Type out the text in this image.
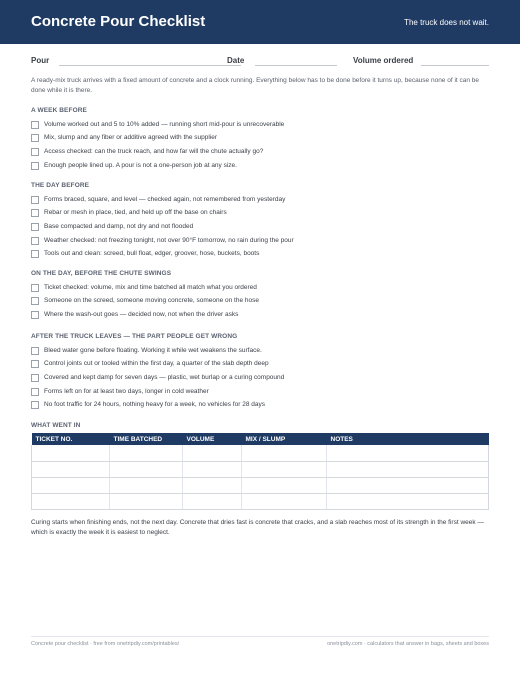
Concrete Pour Checklist	The truck does not wait.
Pour	Date	Volume ordered
A ready-mix truck arrives with a fixed amount of concrete and a clock running. Everything below has to be done before it turns up, because none of it can be done while it is there.
A WEEK BEFORE
Volume worked out and 5 to 10% added — running short mid-pour is unrecoverable
Mix, slump and any fiber or additive agreed with the supplier
Access checked: can the truck reach, and how far will the chute actually go?
Enough people lined up. A pour is not a one-person job at any size.
THE DAY BEFORE
Forms braced, square, and level — checked again, not remembered from yesterday
Rebar or mesh in place, tied, and held up off the base on chairs
Base compacted and damp, not dry and not flooded
Weather checked: not freezing tonight, not over 90°F tomorrow, no rain during the pour
Tools out and clean: screed, bull float, edger, groover, hose, buckets, boots
ON THE DAY, BEFORE THE CHUTE SWINGS
Ticket checked: volume, mix and time batched all match what you ordered
Someone on the screed, someone moving concrete, someone on the hose
Where the wash-out goes — decided now, not when the driver asks
AFTER THE TRUCK LEAVES — THE PART PEOPLE GET WRONG
Bleed water gone before floating. Working it while wet weakens the surface.
Control joints cut or tooled within the first day, a quarter of the slab depth deep
Covered and kept damp for seven days — plastic, wet burlap or a curing compound
Forms left on for at least two days, longer in cold weather
No foot traffic for 24 hours, nothing heavy for a week, no vehicles for 28 days
WHAT WENT IN
TICKET NO.	TIME BATCHED	VOLUME	MIX / SLUMP	NOTES

Curing starts when finishing ends, not the next day. Concrete that dries fast is concrete that cracks, and a slab reaches most of its strength in the first week — which is exactly the week it is easiest to neglect.
Concrete pour checklist · free from onetripdiy.com/printables/	onetripdiy.com · calculators that answer in bags, sheets and boxes
